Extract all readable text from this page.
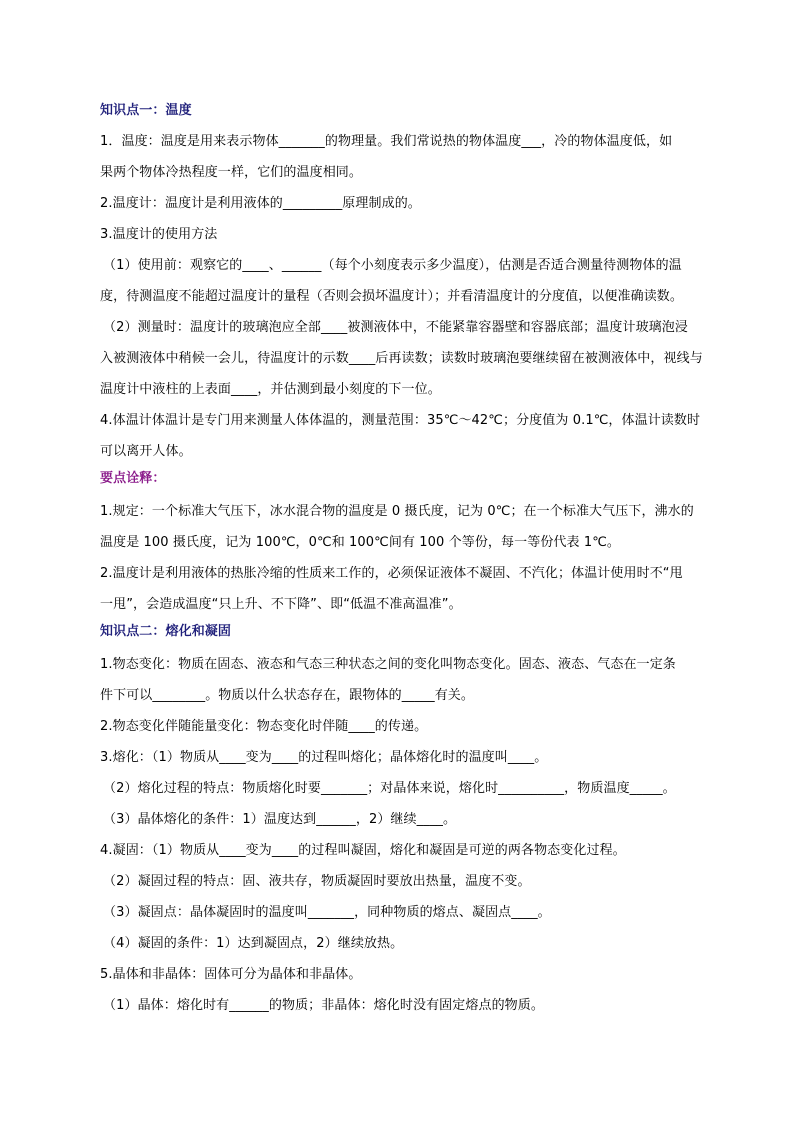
知识点一：温度
1．温度：温度是用来表示物体_______的物理量。我们常说热的物体温度___，冷的物体温度低，如
果两个物体冷热程度一样，它们的温度相同。
2.温度计：温度计是利用液体的_________原理制成的。
3.温度计的使用方法
（1）使用前：观察它的____、______（每个小刻度表示多少温度），估测是否适合测量待测物体的温
度，待测温度不能超过温度计的量程（否则会损坏温度计）；并看清温度计的分度值，以便准确读数。
（2）测量时：温度计的玻璃泡应全部____被测液体中，不能紧靠容器壁和容器底部；温度计玻璃泡浸
入被测液体中稍候一会儿，待温度计的示数____后再读数；读数时玻璃泡要继续留在被测液体中，视线与
温度计中液柱的上表面____，并估测到最小刻度的下一位。
4.体温计体温计是专门用来测量人体体温的，测量范围：35℃～42℃；分度值为 0.1℃，体温计读数时
可以离开人体。
要点诠释：
1.规定：一个标准大气压下，冰水混合物的温度是 0 摄氏度，记为 0℃；在一个标准大气压下，沸水的
温度是 100 摄氏度，记为 100℃，0℃和 100℃间有 100 个等份，每一等份代表 1℃。
2.温度计是利用液体的热胀冷缩的性质来工作的，必须保证液体不凝固、不汽化；体温计使用时不“甩
一甩”，会造成温度“只上升、不下降”、即“低温不准高温准”。
知识点二：熔化和凝固
1.物态变化：物质在固态、液态和气态三种状态之间的变化叫物态变化。固态、液态、气态在一定条
件下可以________。物质以什么状态存在，跟物体的_____有关。
2.物态变化伴随能量变化：物态变化时伴随____的传递。
3.熔化：（1）物质从____变为____的过程叫熔化；晶体熔化时的温度叫____。
（2）熔化过程的特点：物质熔化时要_______；对晶体来说，熔化时__________，物质温度_____。
（3）晶体熔化的条件：1）温度达到______，2）继续____。
4.凝固：（1）物质从____变为____的过程叫凝固，熔化和凝固是可逆的两各物态变化过程。
（2）凝固过程的特点：固、液共存，物质凝固时要放出热量，温度不变。
（3）凝固点：晶体凝固时的温度叫_______，同种物质的熔点、凝固点____。
（4）凝固的条件：1）达到凝固点，2）继续放热。
5.晶体和非晶体：固体可分为晶体和非晶体。
（1）晶体：熔化时有______的物质；非晶体：熔化时没有固定熔点的物质。
